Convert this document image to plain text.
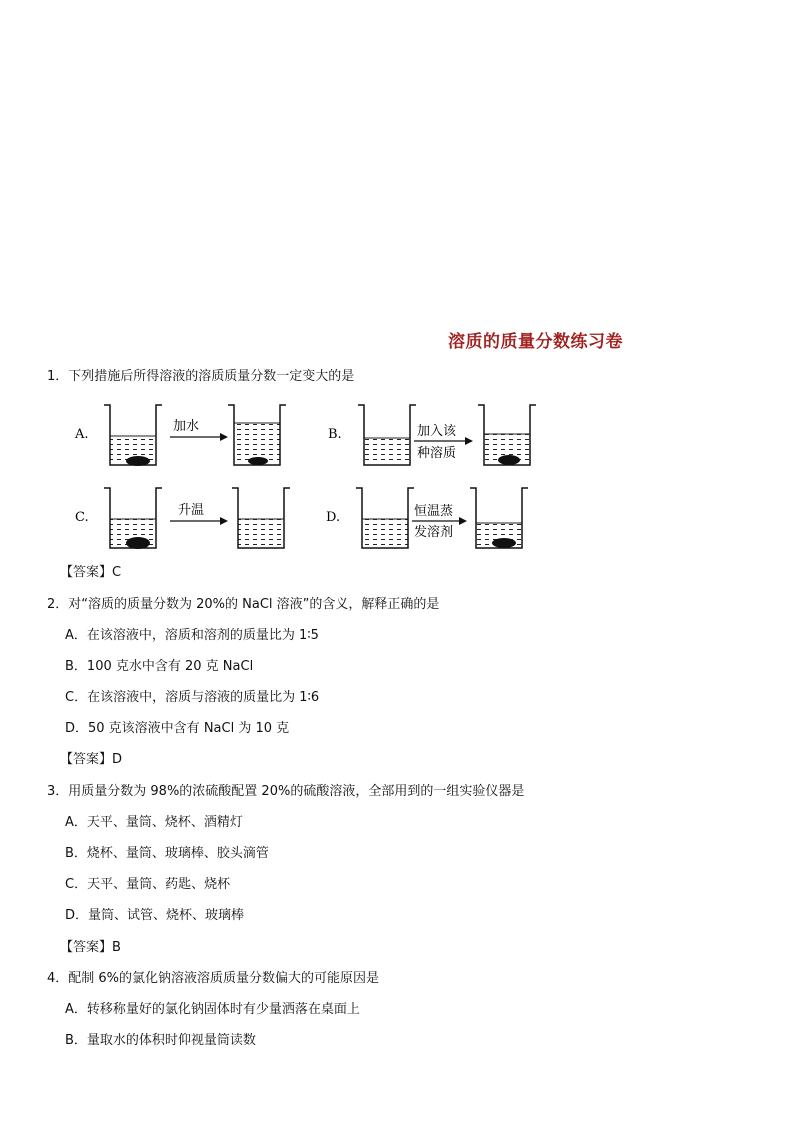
溶质的质量分数练习卷
1．下列措施后所得溶液的溶质质量分数一定变大的是
A.	B.
C.	D.
加水	加入该
种溶质
升温	恒温蒸
发溶剂
【答案】C
2．对“溶质的质量分数为 20%的 NaCl 溶液”的含义，解释正确的是
A．在该溶液中，溶质和溶剂的质量比为 1∶5
B．100 克水中含有 20 克 NaCl
C．在该溶液中，溶质与溶液的质量比为 1∶6
D．50 克该溶液中含有 NaCl 为 10 克
【答案】D
3．用质量分数为 98%的浓硫酸配置 20%的硫酸溶液，全部用到的一组实验仪器是
A．天平、量筒、烧杯、酒精灯
B．烧杯、量筒、玻璃棒、胶头滴管
C．天平、量筒、药匙、烧杯
D．量筒、试管、烧杯、玻璃棒
【答案】B
4．配制 6%的氯化钠溶液溶质质量分数偏大的可能原因是
A．转移称量好的氯化钠固体时有少量洒落在桌面上
B．量取水的体积时仰视量筒读数
